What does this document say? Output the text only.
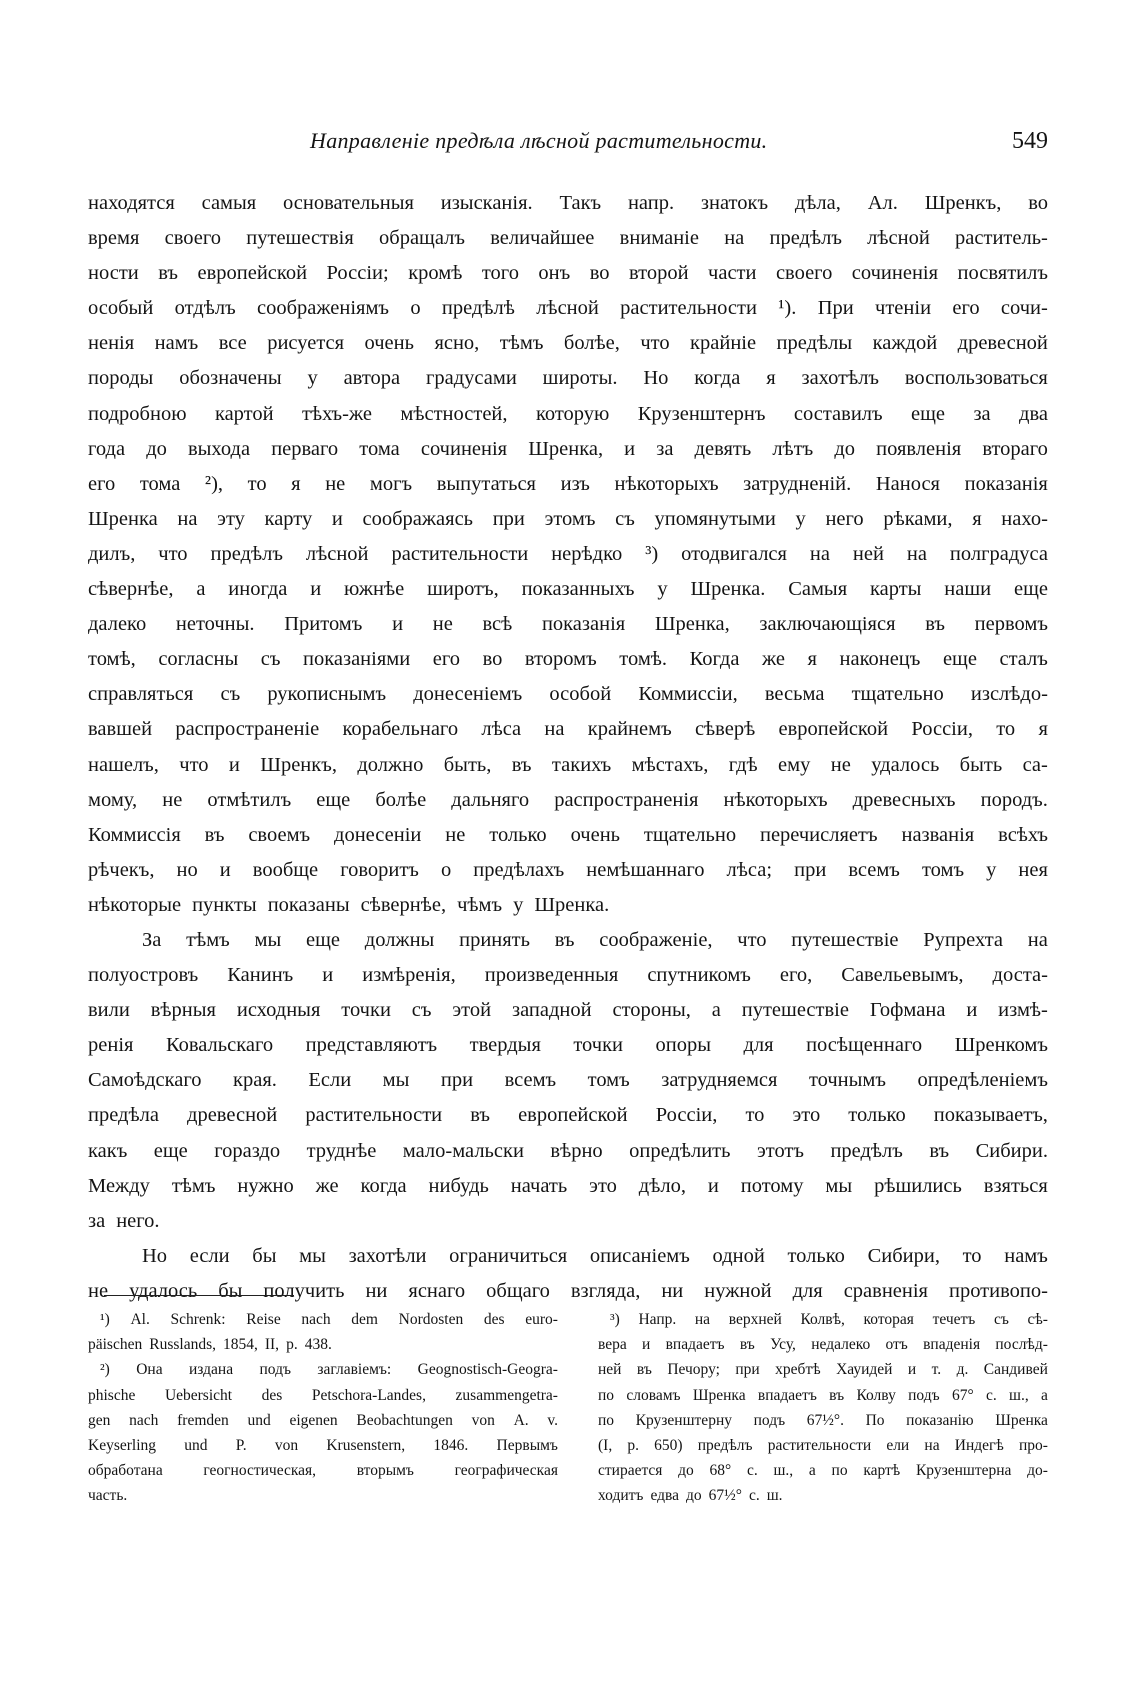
Направленіе предѣла лѣсной растительности.	549
находятся самыя основательныя изысканія. Такъ напр. знатокъ дѣла, Ал. Шренкъ, во
время своего путешествія обращалъ величайшее вниманіе на предѣлъ лѣсной раститель-
ности въ европейской Россіи; кромѣ того онъ во второй части своего сочиненія посвятилъ
особый отдѣлъ соображеніямъ о предѣлѣ лѣсной растительности ¹). При чтеніи его сочи-
ненія намъ все рисуется очень ясно, тѣмъ болѣе, что крайніе предѣлы каждой древесной
породы обозначены у автора градусами широты. Но когда я захотѣлъ воспользоваться
подробною картой тѣхъ-же мѣстностей, которую Крузенштернъ составилъ еще за два
года до выхода перваго тома сочиненія Шренка, и за девять лѣтъ до появленія втораго
его тома ²), то я не могъ выпутаться изъ нѣкоторыхъ затрудненій. Нанося показанія
Шренка на эту карту и соображаясь при этомъ съ упомянутыми у него рѣками, я нахо-
дилъ, что предѣлъ лѣсной растительности нерѣдко ³) отодвигался на ней на полградуса
сѣвернѣе, а иногда и южнѣе широтъ, показанныхъ у Шренка. Самыя карты наши еще
далеко неточны. Притомъ и не всѣ показанія Шренка, заключающіяся въ первомъ
томѣ, согласны съ показаніями его во второмъ томѣ. Когда же я наконецъ еще сталъ
справляться съ рукописнымъ донесеніемъ особой Коммиссіи, весьма тщательно изслѣдо-
вавшей распространеніе корабельнаго лѣса на крайнемъ сѣверѣ европейской Россіи, то я
нашелъ, что и Шренкъ, должно быть, въ такихъ мѣстахъ, гдѣ ему не удалось быть са-
мому, не отмѣтилъ еще болѣе дальняго распространенія нѣкоторыхъ древесныхъ породъ.
Коммиссія въ своемъ донесеніи не только очень тщательно перечисляетъ названія всѣхъ
рѣчекъ, но и вообще говоритъ о предѣлахъ немѣшаннаго лѣса; при всемъ томъ у нея
нѣкоторые пункты показаны сѣвернѣе, чѣмъ у Шренка.
За тѣмъ мы еще должны принять въ соображеніе, что путешествіе Рупрехта на
полуостровъ Канинъ и измѣренія, произведенныя спутникомъ его, Савельевымъ, доста-
вили вѣрныя исходныя точки съ этой западной стороны, а путешествіе Гофмана и измѣ-
ренія Ковальскаго представляютъ твердыя точки опоры для посѣщеннаго Шренкомъ
Самоѣдскаго края. Если мы при всемъ томъ затрудняемся точнымъ опредѣленіемъ
предѣла древесной растительности въ европейской Россіи, то это только показываетъ,
какъ еще гораздо труднѣе мало-мальски вѣрно опредѣлить этотъ предѣлъ въ Сибири.
Между тѣмъ нужно же когда нибудь начать это дѣло, и потому мы рѣшились взяться
за него.
Но если бы мы захотѣли ограничиться описаніемъ одной только Сибири, то намъ
не удалось бы получить ни яснаго общаго взгляда, ни нужной для сравненія противопо-
¹) Al. Schrenk: Reise nach dem Nordosten des euro-
päischen Russlands, 1854, II, p. 438.
²) Она издана подъ заглавіемъ: Geognostisch-Geogra-
phische Uebersicht des Petschora-Landes, zusammengetra-
gen nach fremden und eigenen Beobachtungen von A. v.
Keyserling und P. von Krusenstern, 1846. Первымъ
обработана	геогностическая,	вторымъ	географическая
часть.
³) Напр. на верхней Колвѣ, которая течетъ съ сѣ-
вера и впадаетъ въ Усу, недалеко отъ впаденія послѣд-
ней въ Печору; при хребтѣ Хауидей и т. д. Сандивей
по словамъ Шренка впадаетъ въ Колву подъ 67° с. ш., а
по Крузенштерну подъ 67½°. По показанію Шренка
(I, p. 650) предѣлъ растительности ели на Индегѣ про-
стирается до 68° с. ш., а по картѣ Крузенштерна до-
ходитъ едва до 67½° с. ш.
